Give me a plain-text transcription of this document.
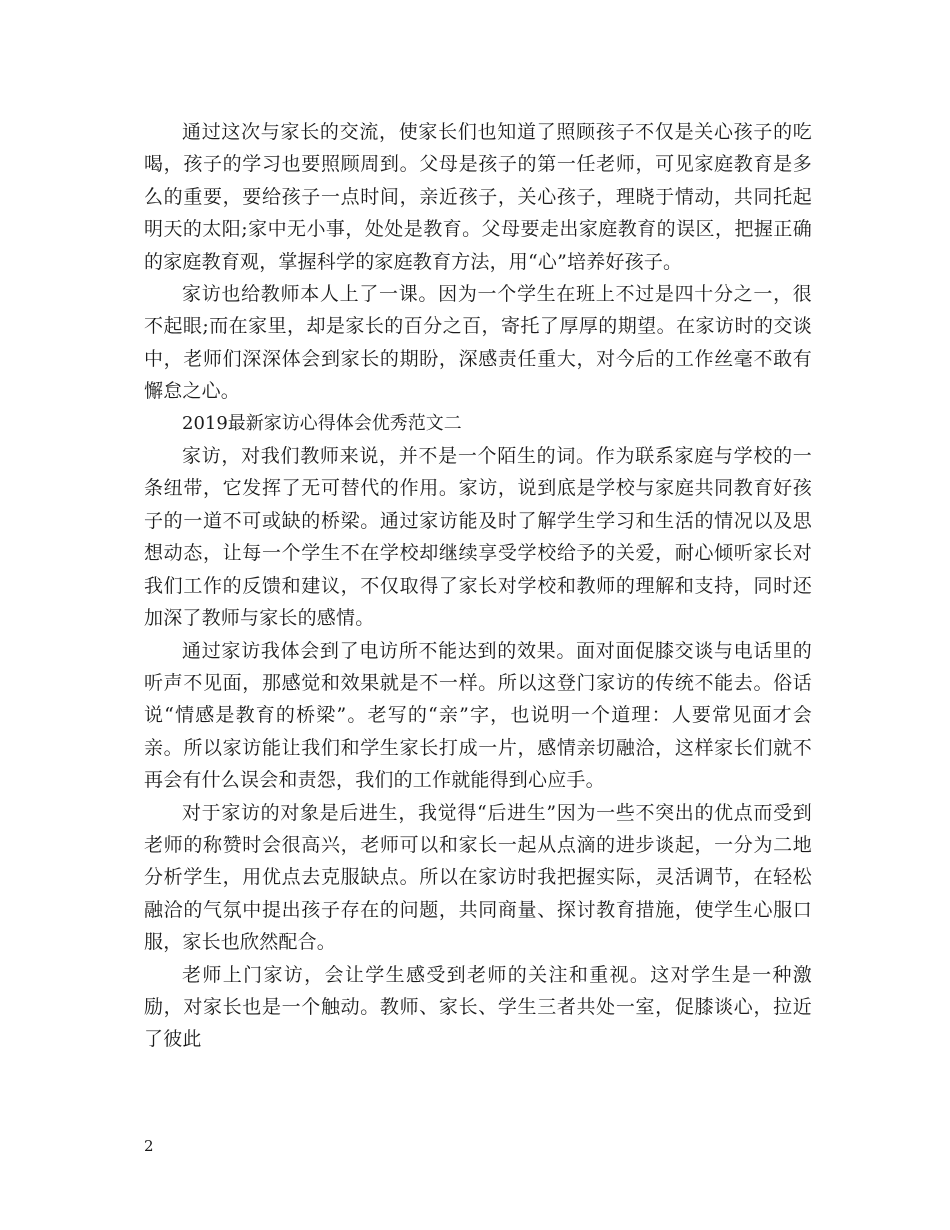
通过这次与家长的交流，使家长们也知道了照顾孩子不仅是关心孩子的吃喝，孩子的学习也要照顾周到。父母是孩子的第一任老师，可见家庭教育是多么的重要，要给孩子一点时间，亲近孩子，关心孩子，理晓于情动，共同托起明天的太阳;家中无小事，处处是教育。父母要走出家庭教育的误区，把握正确的家庭教育观，掌握科学的家庭教育方法，用“心”培养好孩子。

家访也给教师本人上了一课。因为一个学生在班上不过是四十分之一，很不起眼;而在家里，却是家长的百分之百，寄托了厚厚的期望。在家访时的交谈中，老师们深深体会到家长的期盼，深感责任重大，对今后的工作丝毫不敢有懈怠之心。

2019最新家访心得体会优秀范文二

家访，对我们教师来说，并不是一个陌生的词。作为联系家庭与学校的一条纽带，它发挥了无可替代的作用。家访，说到底是学校与家庭共同教育好孩子的一道不可或缺的桥梁。通过家访能及时了解学生学习和生活的情况以及思想动态，让每一个学生不在学校却继续享受学校给予的关爱，耐心倾听家长对我们工作的反馈和建议，不仅取得了家长对学校和教师的理解和支持，同时还加深了教师与家长的感情。

通过家访我体会到了电访所不能达到的效果。面对面促膝交谈与电话里的听声不见面，那感觉和效果就是不一样。所以这登门家访的传统不能去。俗话说“情感是教育的桥梁”。老写的“亲”字，也说明一个道理：人要常见面才会亲。所以家访能让我们和学生家长打成一片，感情亲切融洽，这样家长们就不再会有什么误会和责怨，我们的工作就能得到心应手。

对于家访的对象是后进生，我觉得“后进生”因为一些不突出的优点而受到老师的称赞时会很高兴，老师可以和家长一起从点滴的进步谈起，一分为二地分析学生，用优点去克服缺点。所以在家访时我把握实际，灵活调节，在轻松融洽的气氛中提出孩子存在的问题，共同商量、探讨教育措施，使学生心服口服，家长也欣然配合。

老师上门家访，会让学生感受到老师的关注和重视。这对学生是一种激励，对家长也是一个触动。教师、家长、学生三者共处一室，促膝谈心，拉近了彼此

2
